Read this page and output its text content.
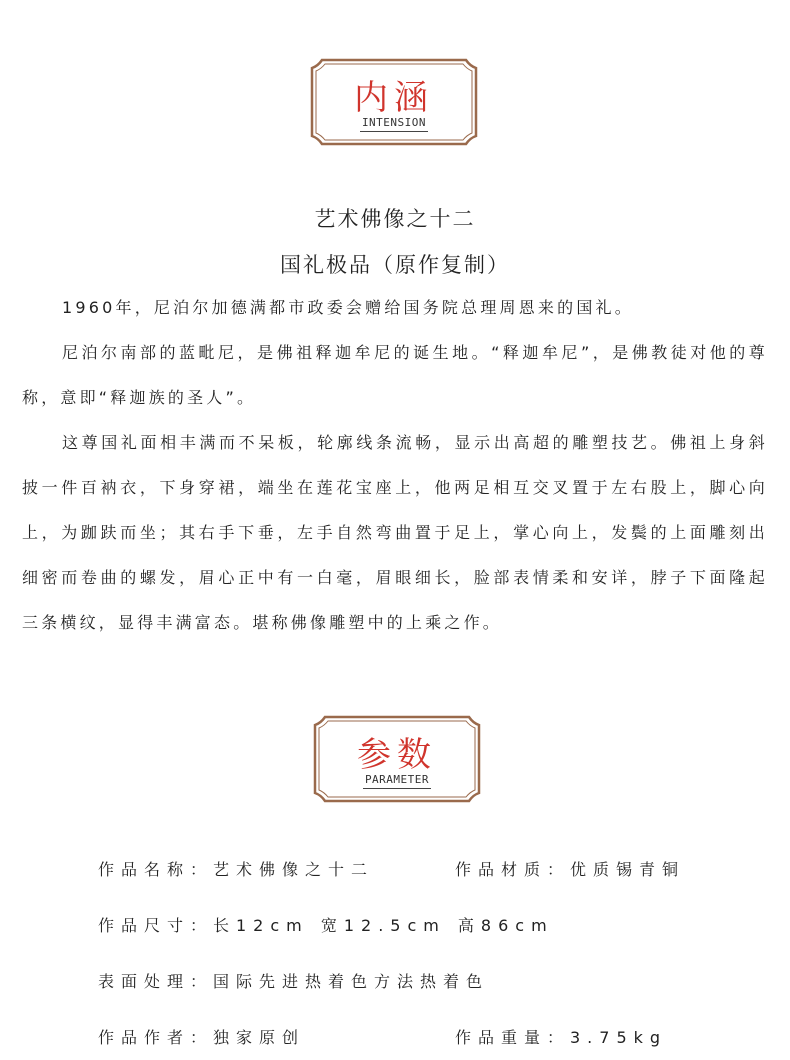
内涵
INTENSION
艺术佛像之十二
国礼极品（原作复制）
1960年，尼泊尔加德满都市政委会赠给国务院总理周恩来的国礼。
尼泊尔南部的蓝毗尼，是佛祖释迦牟尼的诞生地。“释迦牟尼”，是佛教徒对他的尊称，意即“释迦族的圣人”。
这尊国礼面相丰满而不呆板，轮廓线条流畅，显示出高超的雕塑技艺。佛祖上身斜披一件百衲衣，下身穿裙，端坐在莲花宝座上，他两足相互交叉置于左右股上，脚心向上，为跏趺而坐；其右手下垂，左手自然弯曲置于足上，掌心向上，发鬓的上面雕刻出细密而卷曲的螺发，眉心正中有一白毫，眉眼细长，脸部表情柔和安详，脖子下面隆起三条横纹，显得丰满富态。堪称佛像雕塑中的上乘之作。
参数
PARAMETER
作品名称：艺术佛像之十二	作品材质：优质锡青铜
作品尺寸：长12cm 宽12.5cm 高86cm
表面处理：国际先进热着色方法热着色
作品作者：独家原创	作品重量：3.75kg
